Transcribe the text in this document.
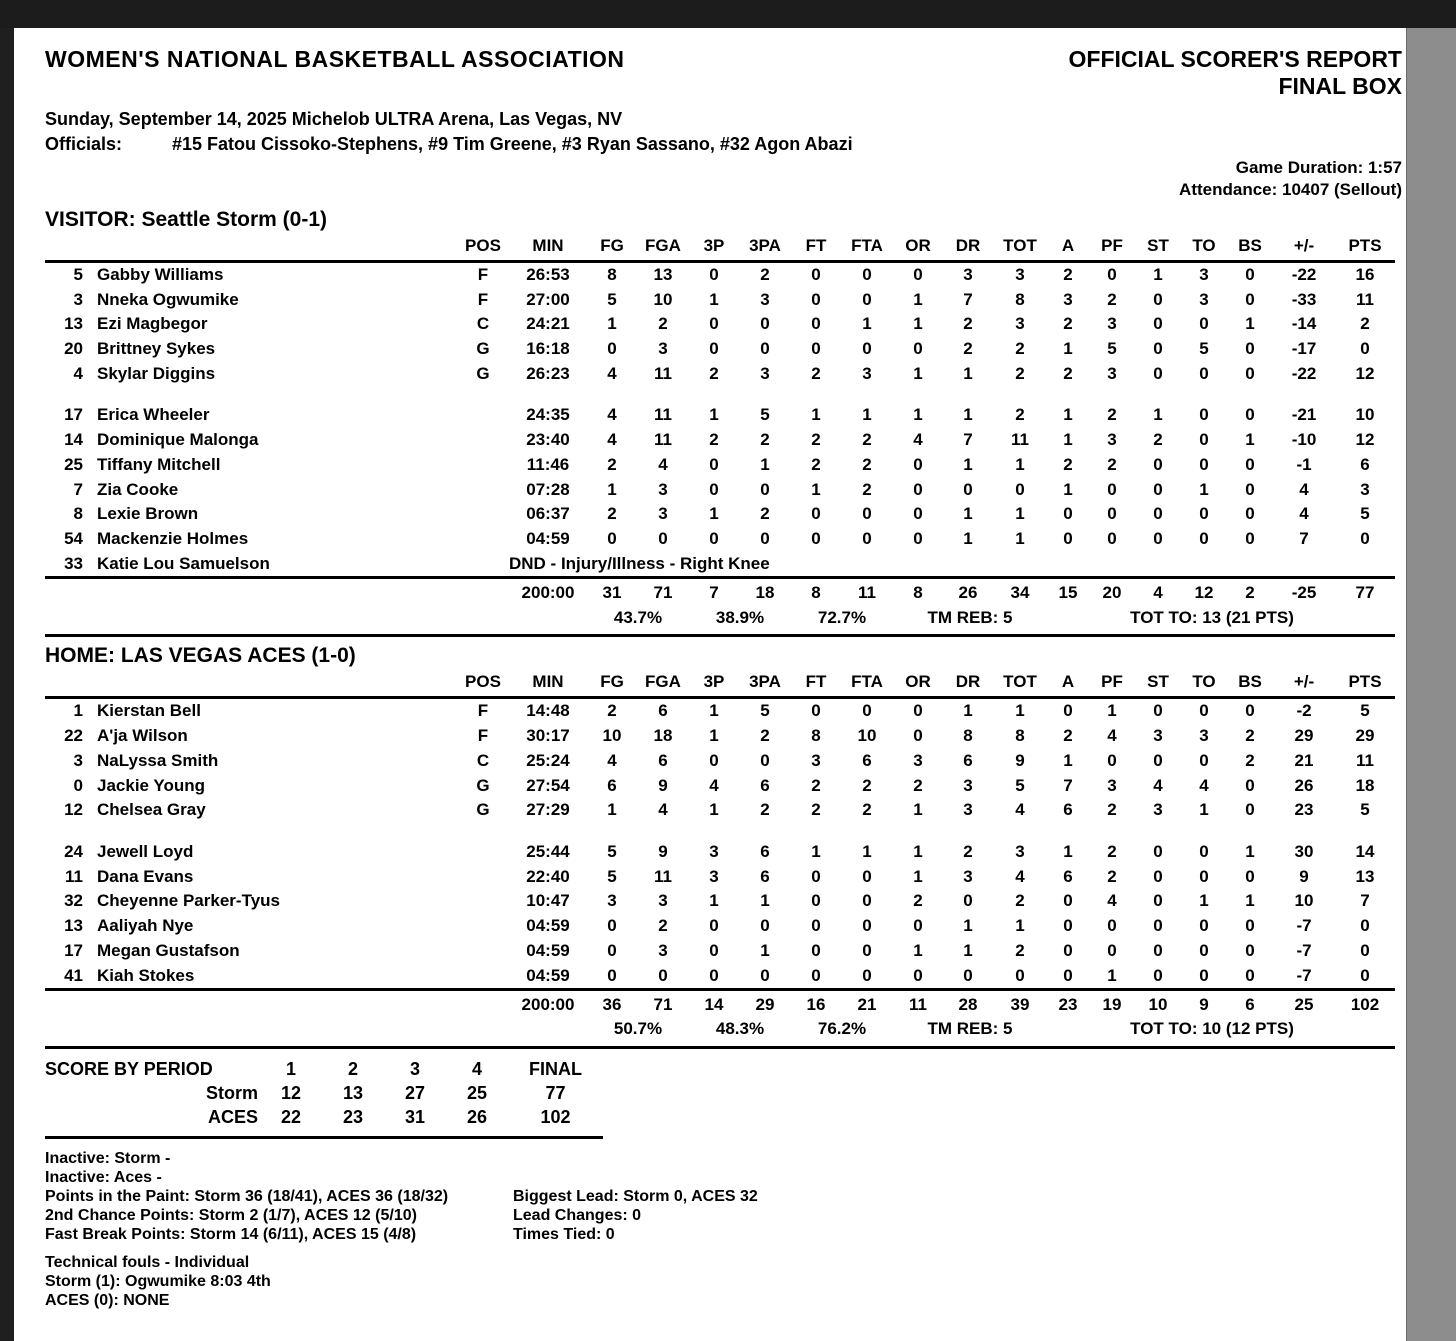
WOMEN'S NATIONAL BASKETBALL ASSOCIATION	OFFICIAL SCORER'S REPORT
FINAL BOX
Sunday, September 14, 2025 Michelob ULTRA Arena, Las Vegas, NV
Officials:	#15 Fatou Cissoko-Stephens, #9 Tim Greene, #3 Ryan Sassano, #32 Agon Abazi
Game Duration: 1:57
Attendance: 10407 (Sellout)
VISITOR: Seattle Storm (0-1)
		POS	MIN	FG	FGA	3P	3PA	FT	FTA	OR	DR	TOT	A	PF	ST	TO	BS	+/-	PTS
5	Gabby Williams	F	26:53	8	13	0	2	0	0	0	3	3	2	0	1	3	0	-22	16
3	Nneka Ogwumike	F	27:00	5	10	1	3	0	0	1	7	8	3	2	0	3	0	-33	11
13	Ezi Magbegor	C	24:21	1	2	0	0	0	1	1	2	3	2	3	0	0	1	-14	2
20	Brittney Sykes	G	16:18	0	3	0	0	0	0	0	2	2	1	5	0	5	0	-17	0
4	Skylar Diggins	G	26:23	4	11	2	3	2	3	1	1	2	2	3	0	0	0	-22	12

17	Erica Wheeler		24:35	4	11	1	5	1	1	1	1	2	1	2	1	0	0	-21	10
14	Dominique Malonga		23:40	4	11	2	2	2	2	4	7	11	1	3	2	0	1	-10	12
25	Tiffany Mitchell		11:46	2	4	0	1	2	2	0	1	1	2	2	0	0	0	-1	6
7	Zia Cooke		07:28	1	3	0	0	1	2	0	0	0	1	0	0	1	0	4	3
8	Lexie Brown		06:37	2	3	1	2	0	0	0	1	1	0	0	0	0	0	4	5
54	Mackenzie Holmes		04:59	0	0	0	0	0	0	0	1	1	0	0	0	0	0	7	0
33	Katie Lou Samuelson		DND - Injury/Illness - Right Knee																
			200:00	31	71	7	18	8	11	8	26	34	15	20	4	12	2	-25	77
				43.7%		38.9%		72.7%		TM REB: 5				TOT TO: 13 (21 PTS)					
HOME: LAS VEGAS ACES (1-0)
		POS	MIN	FG	FGA	3P	3PA	FT	FTA	OR	DR	TOT	A	PF	ST	TO	BS	+/-	PTS
1	Kierstan Bell	F	14:48	2	6	1	5	0	0	0	1	1	0	1	0	0	0	-2	5
22	A'ja Wilson	F	30:17	10	18	1	2	8	10	0	8	8	2	4	3	3	2	29	29
3	NaLyssa Smith	C	25:24	4	6	0	0	3	6	3	6	9	1	0	0	0	2	21	11
0	Jackie Young	G	27:54	6	9	4	6	2	2	2	3	5	7	3	4	4	0	26	18
12	Chelsea Gray	G	27:29	1	4	1	2	2	2	1	3	4	6	2	3	1	0	23	5

24	Jewell Loyd		25:44	5	9	3	6	1	1	1	2	3	1	2	0	0	1	30	14
11	Dana Evans		22:40	5	11	3	6	0	0	1	3	4	6	2	0	0	0	9	13
32	Cheyenne Parker-Tyus		10:47	3	3	1	1	0	0	2	0	2	0	4	0	1	1	10	7
13	Aaliyah Nye		04:59	0	2	0	0	0	0	0	1	1	0	0	0	0	0	-7	0
17	Megan Gustafson		04:59	0	3	0	1	0	0	1	1	2	0	0	0	0	0	-7	0
41	Kiah Stokes		04:59	0	0	0	0	0	0	0	0	0	0	1	0	0	0	-7	0
			200:00	36	71	14	29	16	21	11	28	39	23	19	10	9	6	25	102
				50.7%		48.3%		76.2%		TM REB: 5				TOT TO: 10 (12 PTS)					
SCORE BY PERIOD	1	2	3	4	FINAL
Storm	12	13	27	25	77
ACES	22	23	31	26	102
Inactive: Storm -
Inactive: Aces -
Points in the Paint: Storm 36 (18/41), ACES 36 (18/32)	Biggest Lead: Storm 0, ACES 32
2nd Chance Points: Storm 2 (1/7), ACES 12 (5/10)	Lead Changes: 0
Fast Break Points: Storm 14 (6/11), ACES 15 (4/8)	Times Tied: 0
Technical fouls - Individual
Storm (1): Ogwumike 8:03 4th
ACES (0): NONE
